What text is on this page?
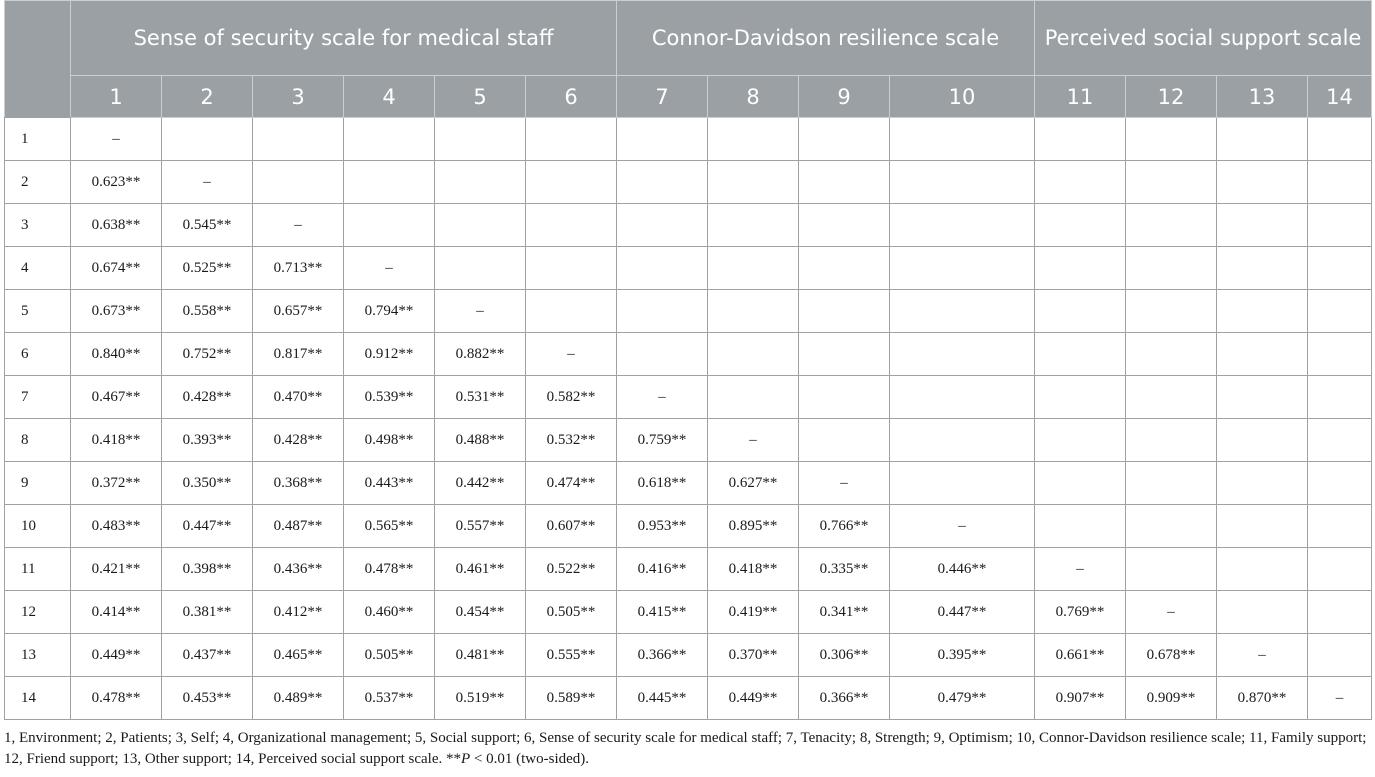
	Sense of security scale for medical staff						Connor-Davidson resilience scale				Perceived social support scale			
	1	2	3	4	5	6	7	8	9	10	11	12	13	14
1	–													
2	0.623**	–												
3	0.638**	0.545**	–											
4	0.674**	0.525**	0.713**	–										
5	0.673**	0.558**	0.657**	0.794**	–									
6	0.840**	0.752**	0.817**	0.912**	0.882**	–								
7	0.467**	0.428**	0.470**	0.539**	0.531**	0.582**	–							
8	0.418**	0.393**	0.428**	0.498**	0.488**	0.532**	0.759**	–						
9	0.372**	0.350**	0.368**	0.443**	0.442**	0.474**	0.618**	0.627**	–					
10	0.483**	0.447**	0.487**	0.565**	0.557**	0.607**	0.953**	0.895**	0.766**	–				
11	0.421**	0.398**	0.436**	0.478**	0.461**	0.522**	0.416**	0.418**	0.335**	0.446**	–			
12	0.414**	0.381**	0.412**	0.460**	0.454**	0.505**	0.415**	0.419**	0.341**	0.447**	0.769**	–		
13	0.449**	0.437**	0.465**	0.505**	0.481**	0.555**	0.366**	0.370**	0.306**	0.395**	0.661**	0.678**	–	
14	0.478**	0.453**	0.489**	0.537**	0.519**	0.589**	0.445**	0.449**	0.366**	0.479**	0.907**	0.909**	0.870**	–
1, Environment; 2, Patients; 3, Self; 4, Organizational management; 5, Social support; 6, Sense of security scale for medical staff; 7, Tenacity; 8, Strength; 9, Optimism; 10, Connor-Davidson resilience scale; 11, Family support; 12, Friend support; 13, Other support; 14, Perceived social support scale. **P < 0.01 (two-sided).
